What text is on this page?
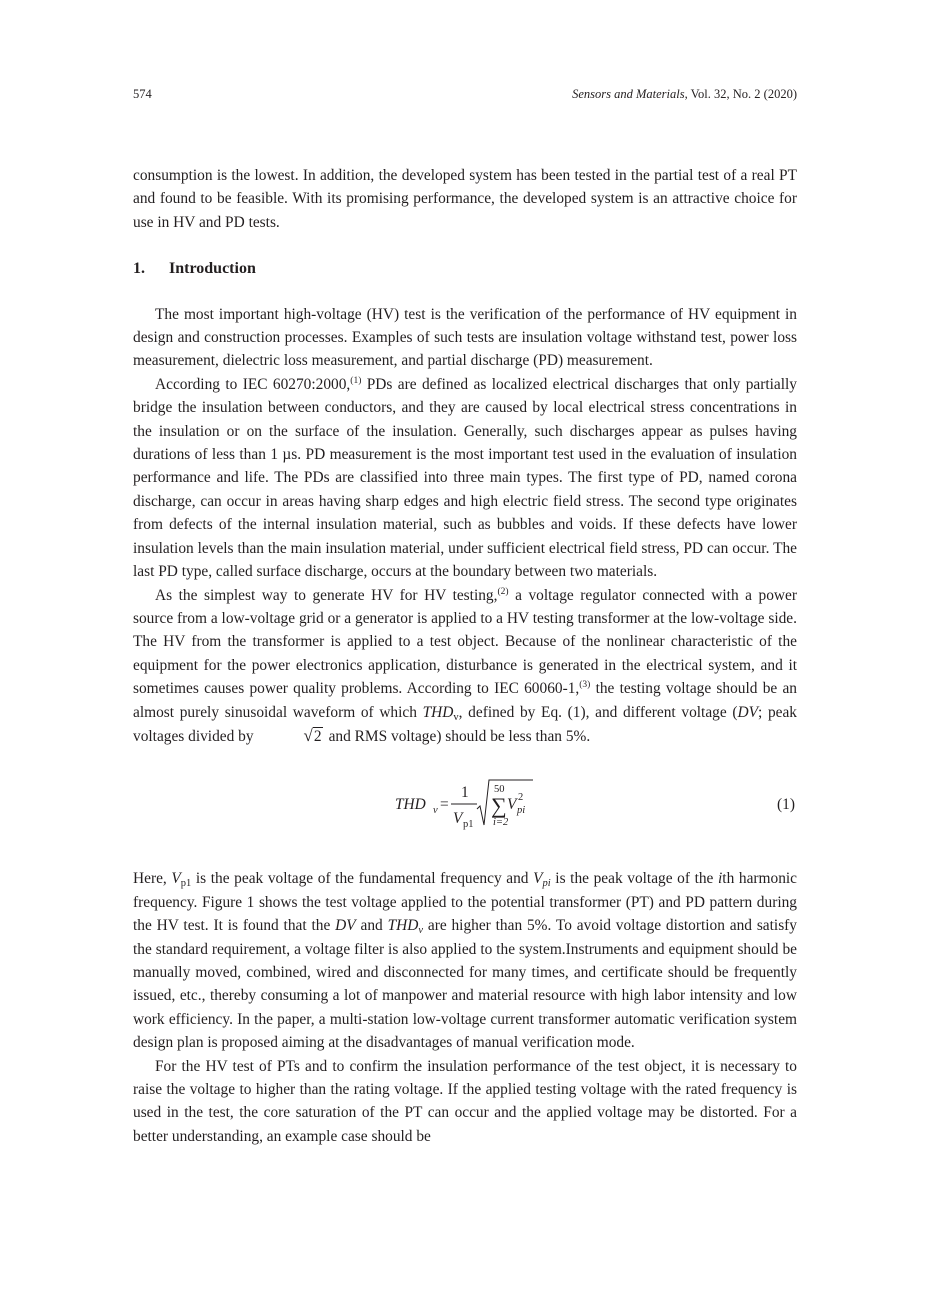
574	Sensors and Materials, Vol. 32, No. 2 (2020)

consumption is the lowest. In addition, the developed system has been tested in the partial test of a real PT and found to be feasible. With its promising performance, the developed system is an attractive choice for use in HV and PD tests.

1. Introduction

The most important high-voltage (HV) test is the verification of the performance of HV equipment in design and construction processes. Examples of such tests are insulation voltage withstand test, power loss measurement, dielectric loss measurement, and partial discharge (PD) measurement.

According to IEC 60270:2000,$^{(1)}$ PDs are defined as localized electrical discharges that only partially bridge the insulation between conductors, and they are caused by local electrical stress concentrations in the insulation or on the surface of the insulation. Generally, such discharges appear as pulses having durations of less than 1 µs. PD measurement is the most important test used in the evaluation of insulation performance and life. The PDs are classified into three main types. The first type of PD, named corona discharge, can occur in areas having sharp edges and high electric field stress. The second type originates from defects of the internal insulation material, such as bubbles and voids. If these defects have lower insulation levels than the main insulation material, under sufficient electrical field stress, PD can occur. The last PD type, called surface discharge, occurs at the boundary between two materials.

As the simplest way to generate HV for HV testing,$^{(2)}$ a voltage regulator connected with a power source from a low-voltage grid or a generator is applied to a HV testing transformer at the low-voltage side. The HV from the transformer is applied to a test object. Because of the nonlinear characteristic of the equipment for the power electronics application, disturbance is generated in the electrical system, and it sometimes causes power quality problems. According to IEC 60060-1,$^{(3)}$ the testing voltage should be an almost purely sinusoidal waveform of which $THD_v$, defined by Eq. (1), and different voltage (DV; peak voltages divided by	√2 and RMS voltage) should be less than 5%.

THD v =
1
V p1
50
∑
i=2
V 2
pi	(1)

Here, $V_{p1}$ is the peak voltage of the fundamental frequency and $V_{pi}$ is the peak voltage of the ith harmonic frequency. Figure 1 shows the test voltage applied to the potential transformer (PT) and PD pattern during the HV test. It is found that the DV and $THD_v$ are higher than 5%. To avoid voltage distortion and satisfy the standard requirement, a voltage filter is also applied to the system.Instruments and equipment should be manually moved, combined, wired and disconnected for many times, and certificate should be frequently issued, etc., thereby consuming a lot of manpower and material resource with high labor intensity and low work efficiency. In the paper, a multi-station low-voltage current transformer automatic verification system design plan is proposed aiming at the disadvantages of manual verification mode.

For the HV test of PTs and to confirm the insulation performance of the test object, it is necessary to raise the voltage to higher than the rating voltage. If the applied testing voltage with the rated frequency is used in the test, the core saturation of the PT can occur and the applied voltage may be distorted. For a better understanding, an example case should be
